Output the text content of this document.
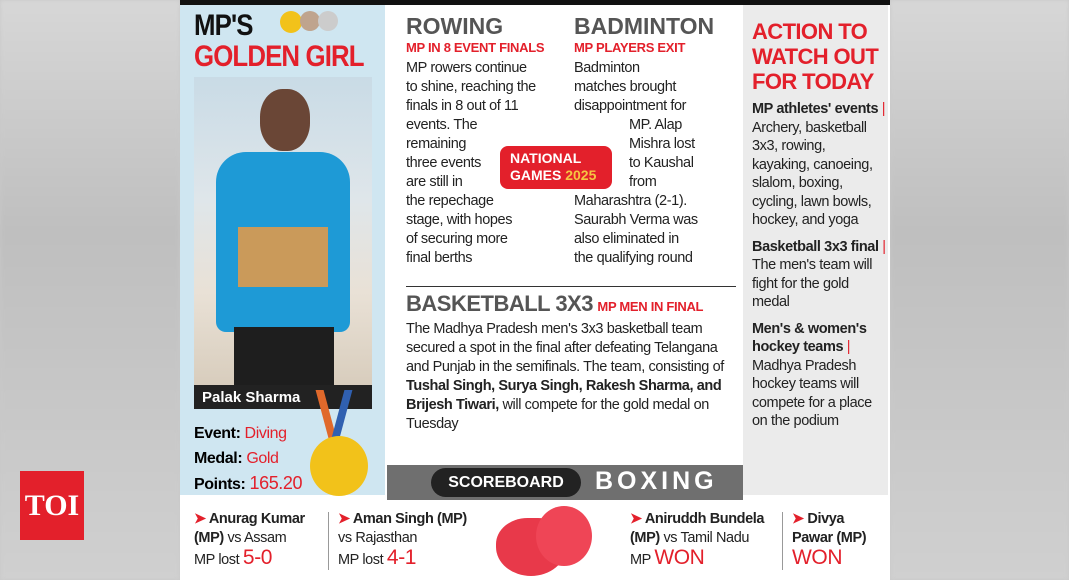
TOI
MP'S
GOLDEN GIRL
Palak Sharma
Event: Diving
Medal: Gold
Points: 165.20
ROWING
MP IN 8 EVENT FINALS
MP rowers continue
to shine, reaching the
finals in 8 out of 11
events. The
remaining
three events
are still in
the repechage
stage, with hopes
of securing more
final berths
BADMINTON
MP PLAYERS EXIT
Badminton
matches brought
disappointment for
MP. Alap
Mishra lost
to Kaushal
from
Maharashtra (2-1).
Saurabh Verma was
also eliminated in
the qualifying round
NATIONAL
GAMES 2025
BASKETBALL 3X3 MP MEN IN FINAL
The Madhya Pradesh men's 3x3 basketball team secured a spot in the final after defeating Telangana and Punjab in the semifinals. The team, consisting of Tushal Singh, Surya Singh, Rakesh Sharma, and Brijesh Tiwari, will compete for the gold medal on Tuesday
ACTION TO WATCH OUT FOR TODAY
MP athletes' events | Archery, basketball 3x3, rowing, kayaking, canoeing, slalom, boxing, cycling, lawn bowls, hockey, and yoga
Basketball 3x3 final | The men's team will fight for the gold medal
Men's & women's hockey teams | Madhya Pradesh hockey teams will compete for a place on the podium
SCOREBOARD	BOXING
➤ Anurag Kumar (MP) vs Assam
MP lost 5-0
➤ Aman Singh (MP) vs Rajasthan
MP lost 4-1
➤ Aniruddh Bundela (MP) vs Tamil Nadu
MP WON
➤ Divya Pawar (MP)
WON
